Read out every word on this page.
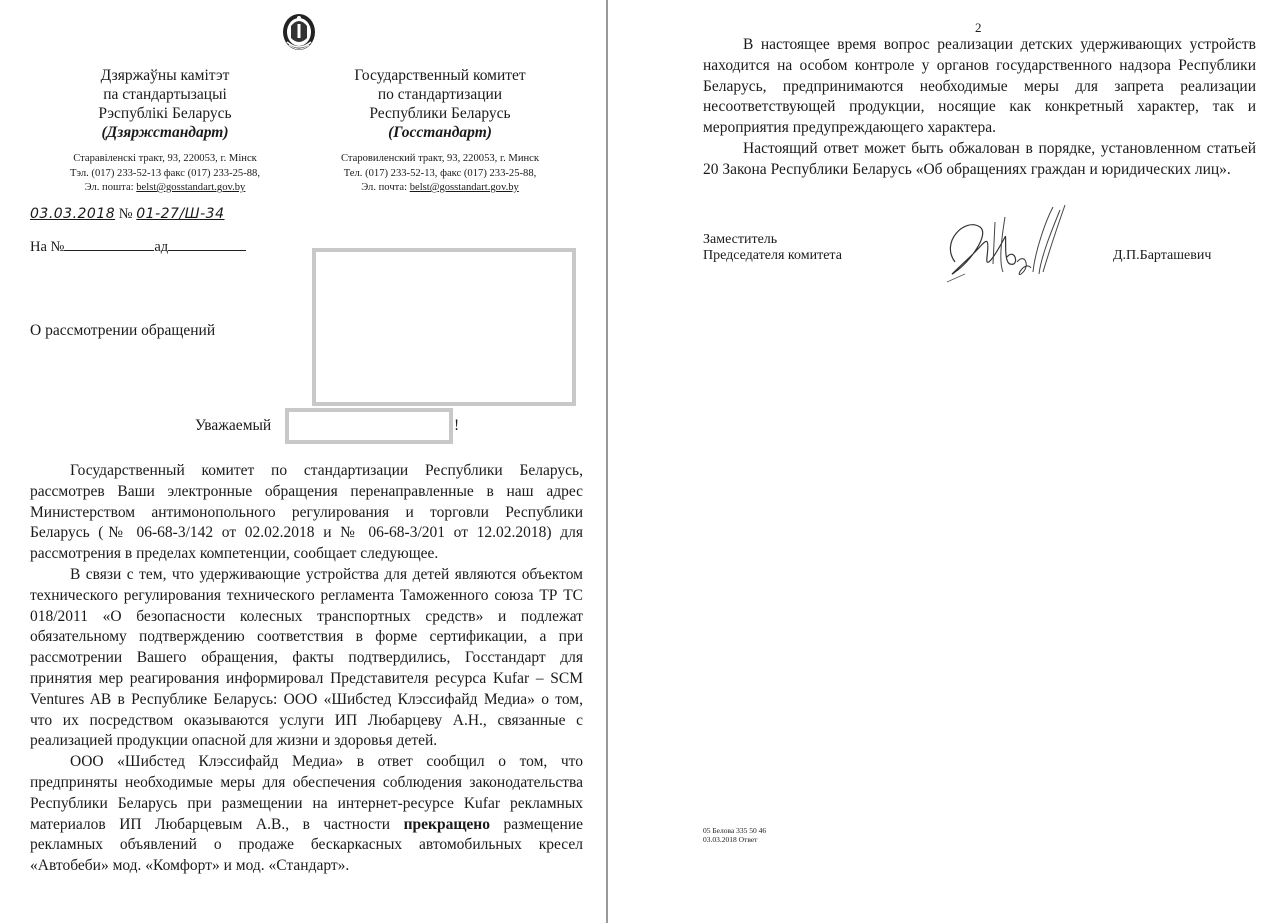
Дзяржаўны камітэт
па стандартызацыі
Рэспублікі Беларусь
(Дзяржстандарт)
Государственный комитет
по стандартизации
Республики Беларусь
(Госстандарт)
Старавіленскі тракт, 93, 220053, г. Мінск
Тэл. (017) 233-52-13 факс (017) 233-25-88,
Эл. пошта: belst@gosstandart.gov.by
Старовиленский тракт, 93, 220053, г. Минск
Тел. (017) 233-52-13, факс (017) 233-25-88,
Эл. почта: belst@gosstandart.gov.by
03.03.2018 № 01-27/Ш-34
На №	ад
О рассмотрении обращений
Уважаемый	!

Государственный комитет по стандартизации Республики Беларусь, рассмотрев Ваши электронные обращения перенаправленные в наш адрес Министерством антимонопольного регулирования и торговли Республики Беларусь (№ 06-68-3/142 от 02.02.2018 и № 06-68-3/201 от 12.02.2018) для рассмотрения в пределах компетенции, сообщает следующее.

В связи с тем, что удерживающие устройства для детей являются объектом технического регулирования технического регламента Таможенного союза ТР ТС 018/2011 «О безопасности колесных транспортных средств» и подлежат обязательному подтверждению соответствия в форме сертификации, а при рассмотрении Вашего обращения, факты подтвердились, Госстандарт для принятия мер реагирования информировал Представителя ресурса Kufar – SCM Ventures AB в Республике Беларусь: ООО «Шибстед Клэссифайд Медиа» о том, что их посредством оказываются услуги ИП Любарцеву А.Н., связанные с реализацией продукции опасной для жизни и здоровья детей.

ООО «Шибстед Клэссифайд Медиа» в ответ сообщил о том, что предприняты необходимые меры для обеспечения соблюдения законодательства Республики Беларусь при размещении на интернет-ресурсе Kufar рекламных материалов ИП Любарцевым А.В., в частности прекращено размещение рекламных объявлений о продаже бескаркасных автомобильных кресел «Автобеби» мод. «Комфорт» и мод. «Стандарт».

2

В настоящее время вопрос реализации детских удерживающих устройств находится на особом контроле у органов государственного надзора Республики Беларусь, предпринимаются необходимые меры для запрета реализации несоответствующей продукции, носящие как конкретный характер, так и мероприятия предупреждающего характера.

Настоящий ответ может быть обжалован в порядке, установленном статьей 20 Закона Республики Беларусь «Об обращениях граждан и юридических лиц».

Заместитель
Председателя комитета	Д.П.Барташевич
05 Белова 335 50 46
03.03.2018 Ответ
